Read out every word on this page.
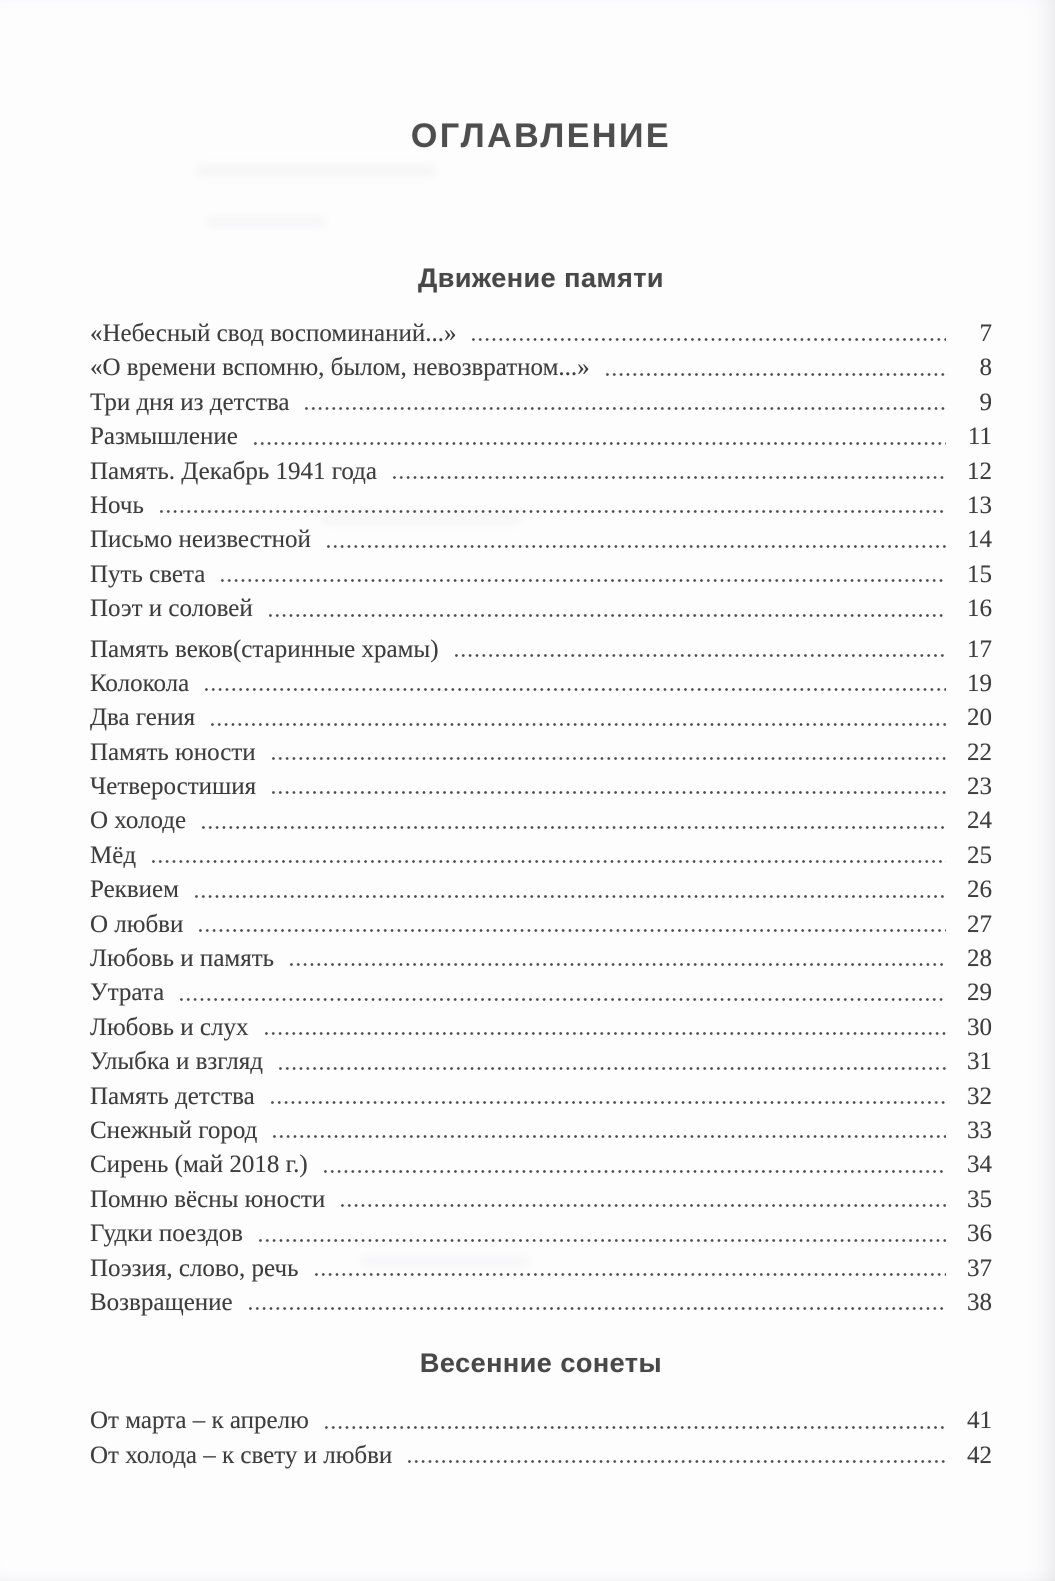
ОГЛАВЛЕНИЕ
Движение памяти
«Небесный свод воспоминаний...»	7
«О времени вспомню, былом, невозвратном...»	8
Три дня из детства	9
Размышление	11
Память. Декабрь 1941 года	12
Ночь	13
Письмо неизвестной	14
Путь света	15
Поэт и соловей	16
Память веков(старинные храмы)	17
Колокола	19
Два гения	20
Память юности	22
Четверостишия	23
О холоде	24
Мёд	25
Реквием	26
О любви	27
Любовь и память	28
Утрата	29
Любовь и слух	30
Улыбка и взгляд	31
Память детства	32
Снежный город	33
Сирень (май 2018 г.)	34
Помню вёсны юности	35
Гудки поездов	36
Поэзия, слово, речь	37
Возвращение	38
Весенние сонеты
От марта – к апрелю	41
От холода – к свету и любви	42
